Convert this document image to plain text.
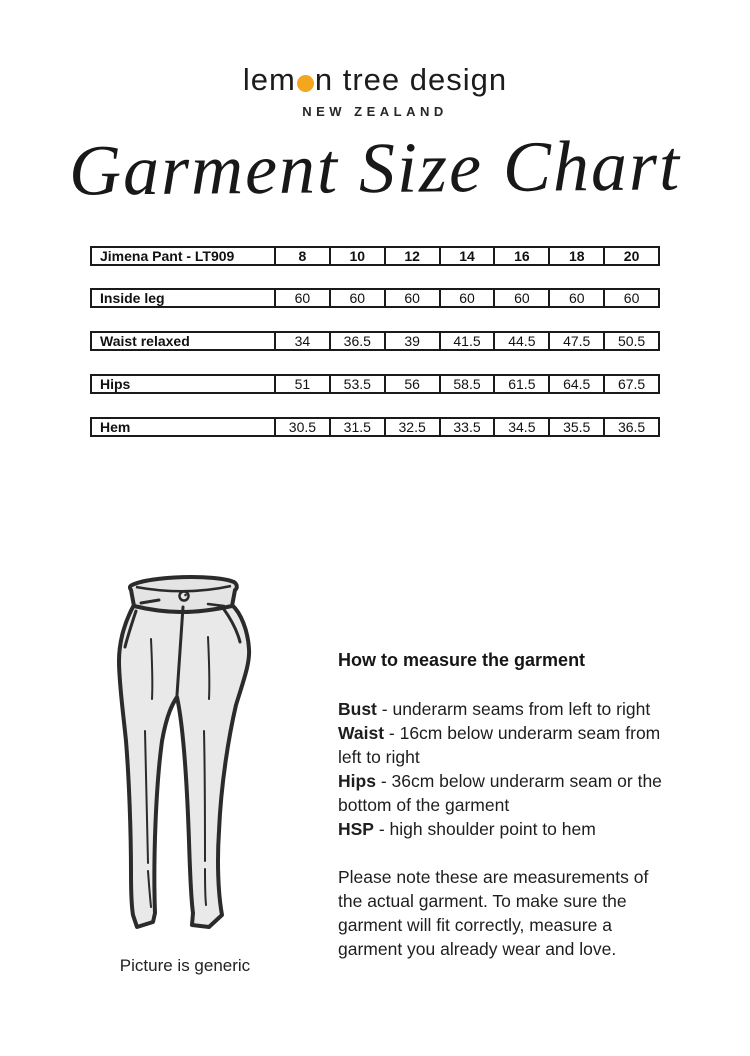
lem n tree design
NEW ZEALAND
Garment Size Chart
Jimena Pant - LT909	8	10	12	14	16	18	20
Inside leg	60	60	60	60	60	60	60
Waist relaxed	34	36.5	39	41.5	44.5	47.5	50.5
Hips	51	53.5	56	58.5	61.5	64.5	67.5
Hem	30.5	31.5	32.5	33.5	34.5	35.5	36.5
Picture is generic
How to measure the garment
Bust - underarm seams from left to right
Waist - 16cm below underarm seam from left to right
Hips - 36cm below underarm seam or the bottom of the garment
HSP - high shoulder point to hem

Please note these are measurements of the actual garment. To make sure the garment will fit correctly, measure a garment you already wear and love.
